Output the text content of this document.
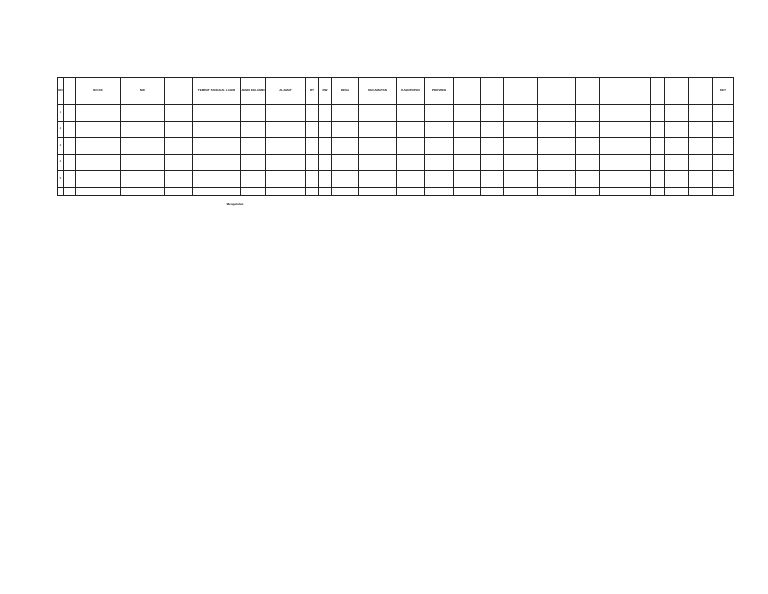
NO		NO KK	NIK		TEMPAT TANGGAL LAHIR	JENIS KELAMIN	ALAMAT	RT	RW	DESA	KECAMATAN	KABUPATEN	PROVINSI										KET
1																							
2																							
3																							
4																							
5																							

Mengetahui
